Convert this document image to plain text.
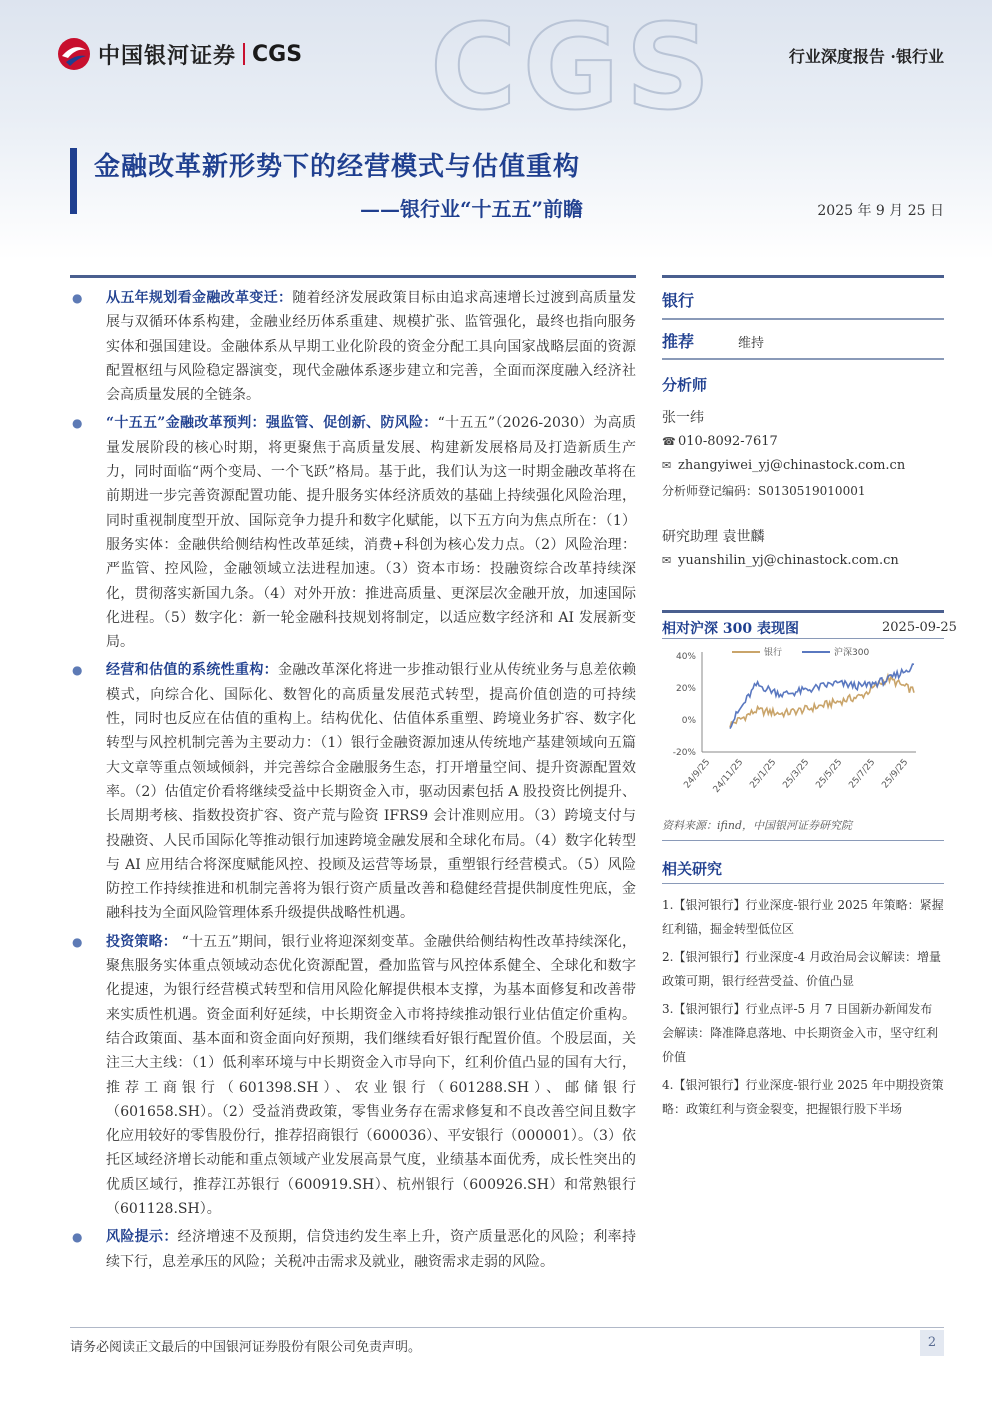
CGS
中国银河证券 CGS	行业深度报告 ·银行业
金融改革新形势下的经营模式与估值重构
——银行业“十五五”前瞻	2025 年 9 月 25 日
● 从五年规划看金融改革变迁：随着经济发展政策目标由追求高速增长过渡到高质量发展与双循环体系构建，金融业经历体系重建、规模扩张、监管强化，最终也指向服务实体和强国建设。金融体系从早期工业化阶段的资金分配工具向国家战略层面的资源配置枢纽与风险稳定器演变，现代金融体系逐步建立和完善，全面而深度融入经济社会高质量发展的全链条。
● “十五五”金融改革预判：强监管、促创新、防风险：“十五五”（2026-2030）为高质量发展阶段的核心时期，将更聚焦于高质量发展、构建新发展格局及打造新质生产力，同时面临“两个变局、一个飞跃”格局。基于此，我们认为这一时期金融改革将在前期进一步完善资源配置功能、提升服务实体经济质效的基础上持续强化风险治理，同时重视制度型开放、国际竞争力提升和数字化赋能，以下五方向为焦点所在：（1）服务实体：金融供给侧结构性改革延续，消费+科创为核心发力点。（2）风险治理：严监管、控风险，金融领域立法进程加速。（3）资本市场：投融资综合改革持续深化，贯彻落实新国九条。（4）对外开放：推进高质量、更深层次金融开放，加速国际化进程。（5）数字化：新一轮金融科技规划将制定，以适应数字经济和 AI 发展新变局。
● 经营和估值的系统性重构：金融改革深化将进一步推动银行业从传统业务与息差依赖模式，向综合化、国际化、数智化的高质量发展范式转型，提高价值创造的可持续性，同时也反应在估值的重构上。结构优化、估值体系重塑、跨境业务扩容、数字化转型与风控机制完善为主要动力：（1）银行金融资源加速从传统地产基建领域向五篇大文章等重点领域倾斜，并完善综合金融服务生态，打开增量空间、提升资源配置效率。（2）估值定价看将继续受益中长期资金入市，驱动因素包括 A 股投资比例提升、长周期考核、指数投资扩容、资产荒与险资 IFRS9 会计准则应用。（3）跨境支付与投融资、人民币国际化等推动银行加速跨境金融发展和全球化布局。（4）数字化转型与 AI 应用结合将深度赋能风控、投顾及运营等场景，重塑银行经营模式。（5）风险防控工作持续推进和机制完善将为银行资产质量改善和稳健经营提供制度性兜底，金融科技为全面风险管理体系升级提供战略性机遇。
● 投资策略： “十五五”期间，银行业将迎深刻变革。金融供给侧结构性改革持续深化，聚焦服务实体重点领域动态优化资源配置，叠加监管与风控体系健全、全球化和数字化提速，为银行经营模式转型和信用风险化解提供根本支撑，为基本面修复和改善带来实质性机遇。资金面利好延续，中长期资金入市将持续推动银行业估值定价重构。结合政策面、基本面和资金面向好预期，我们继续看好银行配置价值。个股层面，关注三大主线：（1）低利率环境与中长期资金入市导向下，红利价值凸显的国有大行，推荐工商银行（601398.SH）、农业银行（601288.SH）、邮储银行（601658.SH）。（2）受益消费政策，零售业务存在需求修复和不良改善空间且数字化应用较好的零售股份行，推荐招商银行（600036）、平安银行（000001）。（3）依托区域经济增长动能和重点领域产业发展高景气度，业绩基本面优秀，成长性突出的优质区域行，推荐江苏银行（600919.SH）、杭州银行（600926.SH）和常熟银行（601128.SH）。
● 风险提示：经济增速不及预期，信贷违约发生率上升，资产质量恶化的风险；利率持续下行，息差承压的风险；关税冲击需求及就业，融资需求走弱的风险。
银行
推荐	维持
分析师
张一纬
☎ 010-8092-7617
✉ zhangyiwei_yj@chinastock.com.cn
分析师登记编码：S0130519010001
研究助理 袁世麟
✉ yuanshilin_yj@chinastock.com.cn
相对沪深 300 表现图	2025-09-25
40%
20%
0%
-20%
24/9/25 24/11/25 25/1/25 25/3/25 25/5/25 25/7/25 25/9/25
银行	沪深300
资料来源：ifind，中国银河证券研究院
相关研究
1.【银河银行】行业深度-银行业 2025 年策略：紧握红利锚，掘金转型低位区
2.【银河银行】行业深度-4 月政治局会议解读：增量政策可期，银行经营受益、价值凸显
3.【银河银行】行业点评-5 月 7 日国新办新闻发布会解读：降准降息落地、中长期资金入市，坚守红利价值
4.【银河银行】行业深度-银行业 2025 年中期投资策略：政策红利与资金裂变，把握银行股下半场
请务必阅读正文最后的中国银河证券股份有限公司免责声明。	2
